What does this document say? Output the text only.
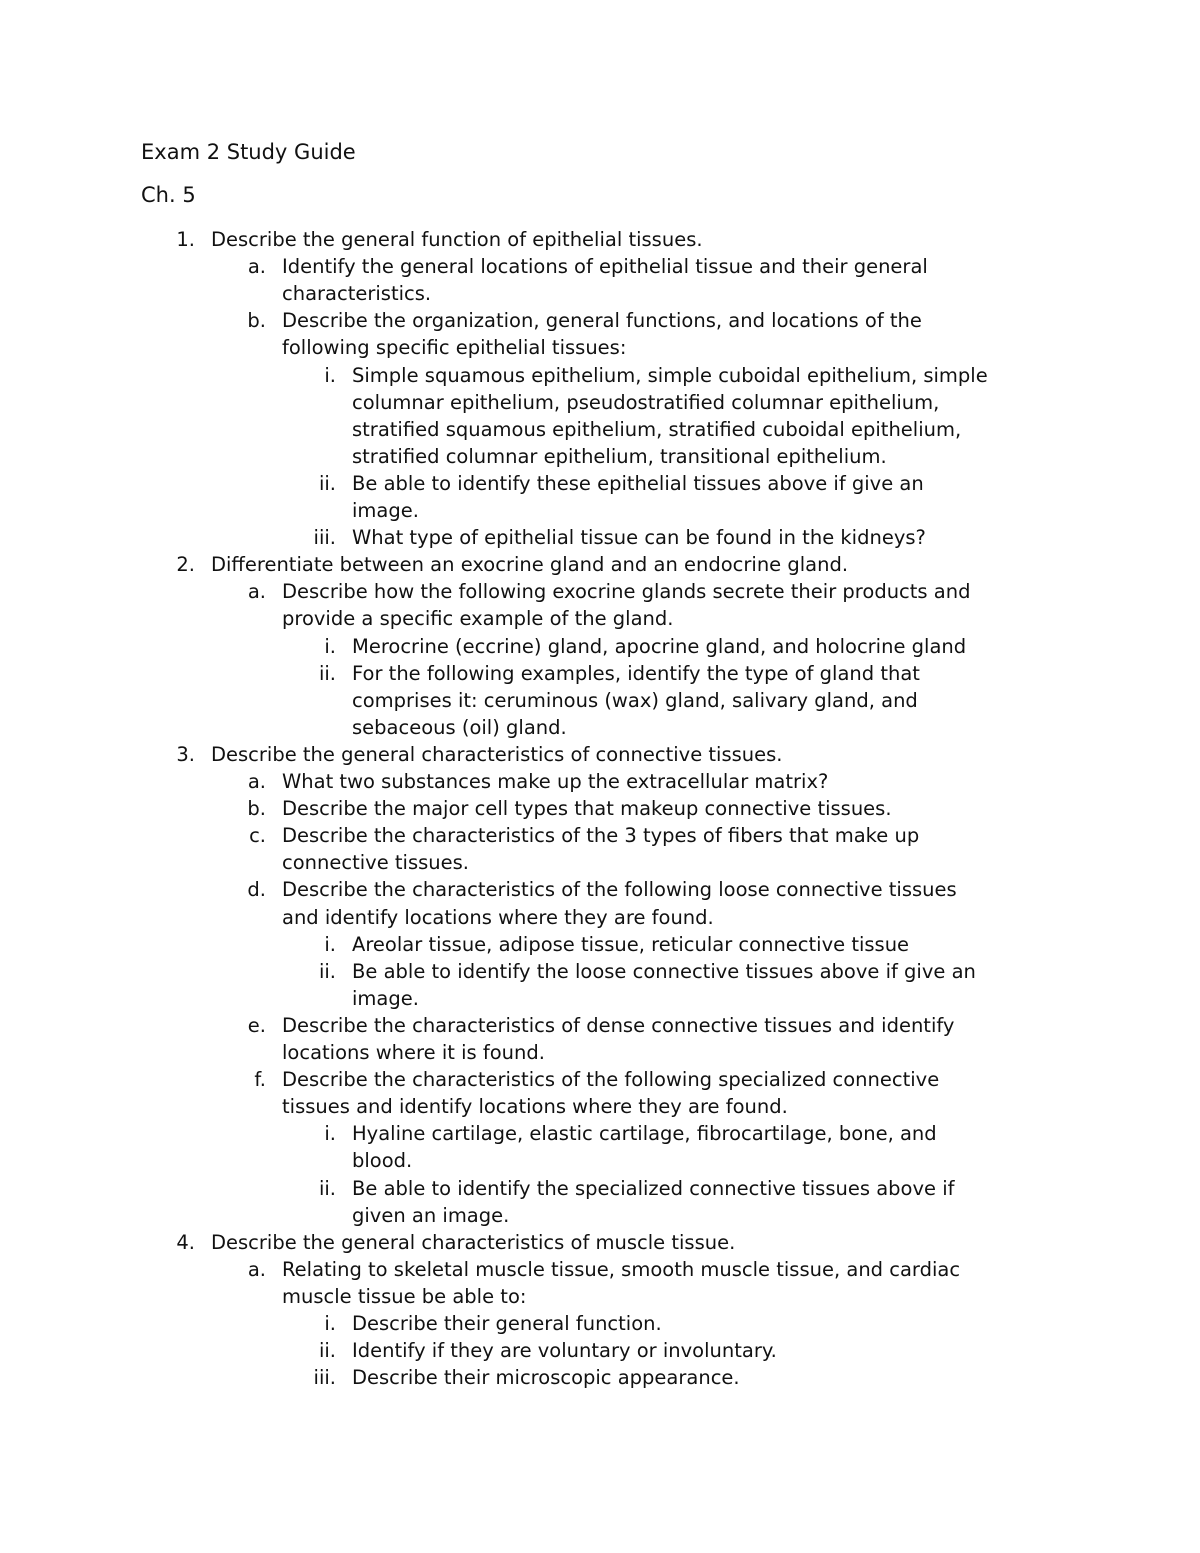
Exam 2 Study Guide
Ch. 5
1. Describe the general function of epithelial tissues.
a. Identify the general locations of epithelial tissue and their general
characteristics.
b. Describe the organization, general functions, and locations of the
following specific epithelial tissues:
i. Simple squamous epithelium, simple cuboidal epithelium, simple
columnar epithelium, pseudostratified columnar epithelium,
stratified squamous epithelium, stratified cuboidal epithelium,
stratified columnar epithelium, transitional epithelium.
ii. Be able to identify these epithelial tissues above if give an
image.
iii. What type of epithelial tissue can be found in the kidneys?
2. Differentiate between an exocrine gland and an endocrine gland.
a. Describe how the following exocrine glands secrete their products and
provide a specific example of the gland.
i. Merocrine (eccrine) gland, apocrine gland, and holocrine gland
ii. For the following examples, identify the type of gland that
comprises it: ceruminous (wax) gland, salivary gland, and
sebaceous (oil) gland.
3. Describe the general characteristics of connective tissues.
a. What two substances make up the extracellular matrix?
b. Describe the major cell types that makeup connective tissues.
c. Describe the characteristics of the 3 types of fibers that make up
connective tissues.
d. Describe the characteristics of the following loose connective tissues
and identify locations where they are found.
i. Areolar tissue, adipose tissue, reticular connective tissue
ii. Be able to identify the loose connective tissues above if give an
image.
e. Describe the characteristics of dense connective tissues and identify
locations where it is found.
f. Describe the characteristics of the following specialized connective
tissues and identify locations where they are found.
i. Hyaline cartilage, elastic cartilage, fibrocartilage, bone, and
blood.
ii. Be able to identify the specialized connective tissues above if
given an image.
4. Describe the general characteristics of muscle tissue.
a. Relating to skeletal muscle tissue, smooth muscle tissue, and cardiac
muscle tissue be able to:
i. Describe their general function.
ii. Identify if they are voluntary or involuntary.
iii. Describe their microscopic appearance.
